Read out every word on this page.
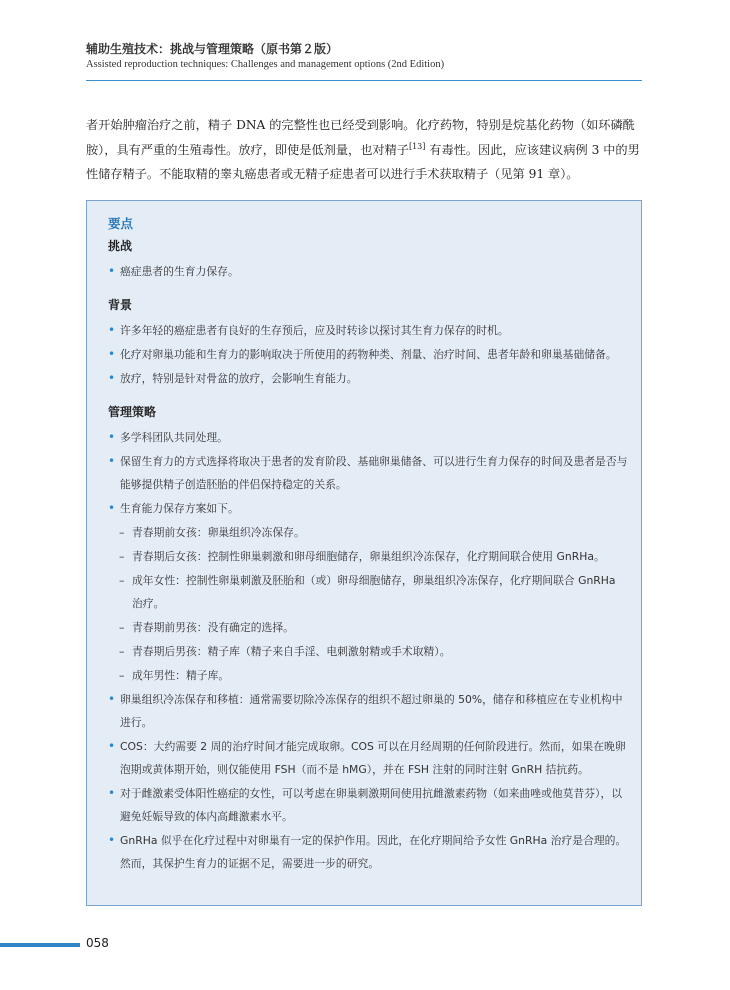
辅助生殖技术：挑战与管理策略（原书第２版）
Assisted reproduction techniques: Challenges and management options (2nd Edition)

者开始肿瘤治疗之前，精子 DNA 的完整性也已经受到影响。化疗药物，特别是烷基化药物（如环磷酰胺），具有严重的生殖毒性。放疗，即使是低剂量，也对精子[13] 有毒性。因此，应该建议病例 3 中的男性储存精子。不能取精的睾丸癌患者或无精子症患者可以进行手术获取精子（见第 91 章）。

要点
挑战
• 癌症患者的生育力保存。
背景
• 许多年轻的癌症患者有良好的生存预后，应及时转诊以探讨其生育力保存的时机。
• 化疗对卵巢功能和生育力的影响取决于所使用的药物种类、剂量、治疗时间、患者年龄和卵巢基础储备。
• 放疗，特别是针对骨盆的放疗，会影响生育能力。
管理策略
• 多学科团队共同处理。
• 保留生育力的方式选择将取决于患者的发育阶段、基础卵巢储备、可以进行生育力保存的时间及患者是否与能够提供精子创造胚胎的伴侣保持稳定的关系。
• 生育能力保存方案如下。
– 青春期前女孩：卵巢组织冷冻保存。
– 青春期后女孩：控制性卵巢刺激和卵母细胞储存，卵巢组织冷冻保存，化疗期间联合使用 GnRHa。
– 成年女性：控制性卵巢刺激及胚胎和（或）卵母细胞储存，卵巢组织冷冻保存，化疗期间联合 GnRHa 治疗。
– 青春期前男孩：没有确定的选择。
– 青春期后男孩：精子库（精子来自手淫、电刺激射精或手术取精）。
– 成年男性：精子库。
• 卵巢组织冷冻保存和移植：通常需要切除冷冻保存的组织不超过卵巢的 50%，储存和移植应在专业机构中进行。
• COS：大约需要 2 周的治疗时间才能完成取卵。COS 可以在月经周期的任何阶段进行。然而，如果在晚卵泡期或黄体期开始，则仅能使用 FSH（而不是 hMG），并在 FSH 注射的同时注射 GnRH 拮抗药。
• 对于雌激素受体阳性癌症的女性，可以考虑在卵巢刺激期间使用抗雌激素药物（如来曲唑或他莫昔芬），以避免妊娠导致的体内高雌激素水平。
• GnRHa 似乎在化疗过程中对卵巢有一定的保护作用。因此，在化疗期间给予女性 GnRHa 治疗是合理的。然而，其保护生育力的证据不足，需要进一步的研究。
058
